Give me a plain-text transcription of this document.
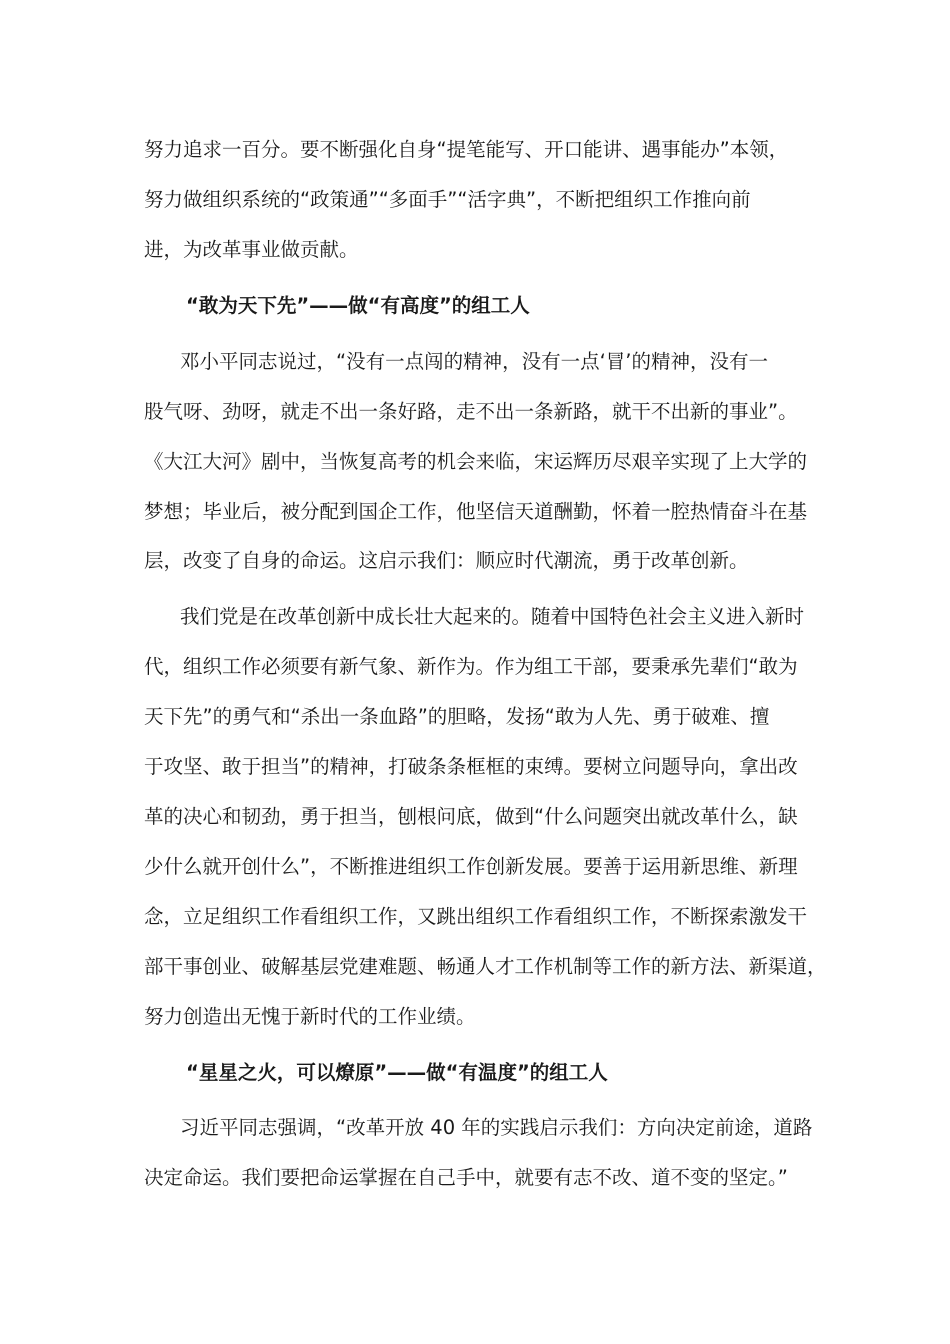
努力追求一百分。要不断强化自身“提笔能写、开口能讲、遇事能办”本领，
努力做组织系统的“政策通”“多面手”“活字典”，不断把组织工作推向前
进，为改革事业做贡献。
“敢为天下先”——做“有高度”的组工人
邓小平同志说过，“没有一点闯的精神，没有一点‘冒’的精神，没有一
股气呀、劲呀，就走不出一条好路，走不出一条新路，就干不出新的事业”。
《大江大河》剧中，当恢复高考的机会来临，宋运辉历尽艰辛实现了上大学的
梦想；毕业后，被分配到国企工作，他坚信天道酬勤，怀着一腔热情奋斗在基
层，改变了自身的命运。这启示我们：顺应时代潮流，勇于改革创新。
我们党是在改革创新中成长壮大起来的。随着中国特色社会主义进入新时
代，组织工作必须要有新气象、新作为。作为组工干部，要秉承先辈们“敢为
天下先”的勇气和“杀出一条血路”的胆略，发扬“敢为人先、勇于破难、擅
于攻坚、敢于担当”的精神，打破条条框框的束缚。要树立问题导向，拿出改
革的决心和韧劲，勇于担当，刨根问底，做到“什么问题突出就改革什么，缺
少什么就开创什么”，不断推进组织工作创新发展。要善于运用新思维、新理
念，立足组织工作看组织工作，又跳出组织工作看组织工作，不断探索激发干
部干事创业、破解基层党建难题、畅通人才工作机制等工作的新方法、新渠道，
努力创造出无愧于新时代的工作业绩。
“星星之火，可以燎原”——做“有温度”的组工人
习近平同志强调，“改革开放 40 年的实践启示我们：方向决定前途，道路
决定命运。我们要把命运掌握在自己手中，就要有志不改、道不变的坚定。”
